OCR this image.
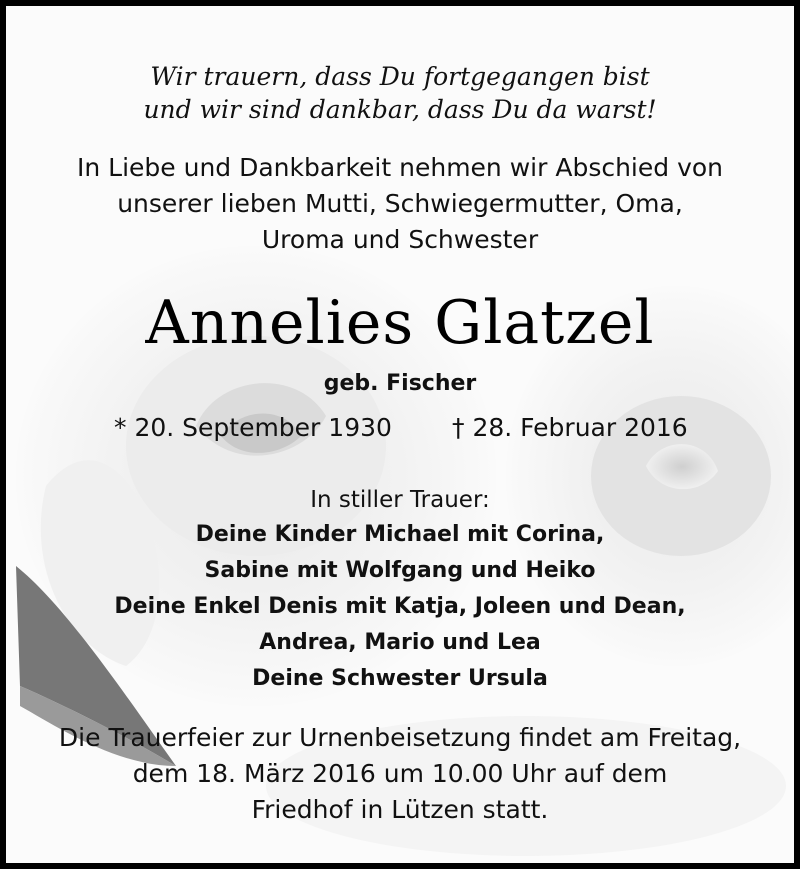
Wir trauern, dass Du fortgegangen bist
und wir sind dankbar, dass Du da warst!
In Liebe und Dankbarkeit nehmen wir Abschied von
unserer lieben Mutti, Schwiegermutter, Oma,
Uroma und Schwester
Annelies Glatzel
geb. Fischer
* 20. September 1930 † 28. Februar 2016
In stiller Trauer:
Deine Kinder Michael mit Corina,
Sabine mit Wolfgang und Heiko
Deine Enkel Denis mit Katja, Joleen und Dean,
Andrea, Mario und Lea
Deine Schwester Ursula
Die Trauerfeier zur Urnenbeisetzung findet am Freitag,
dem 18. März 2016 um 10.00 Uhr auf dem
Friedhof in Lützen statt.
